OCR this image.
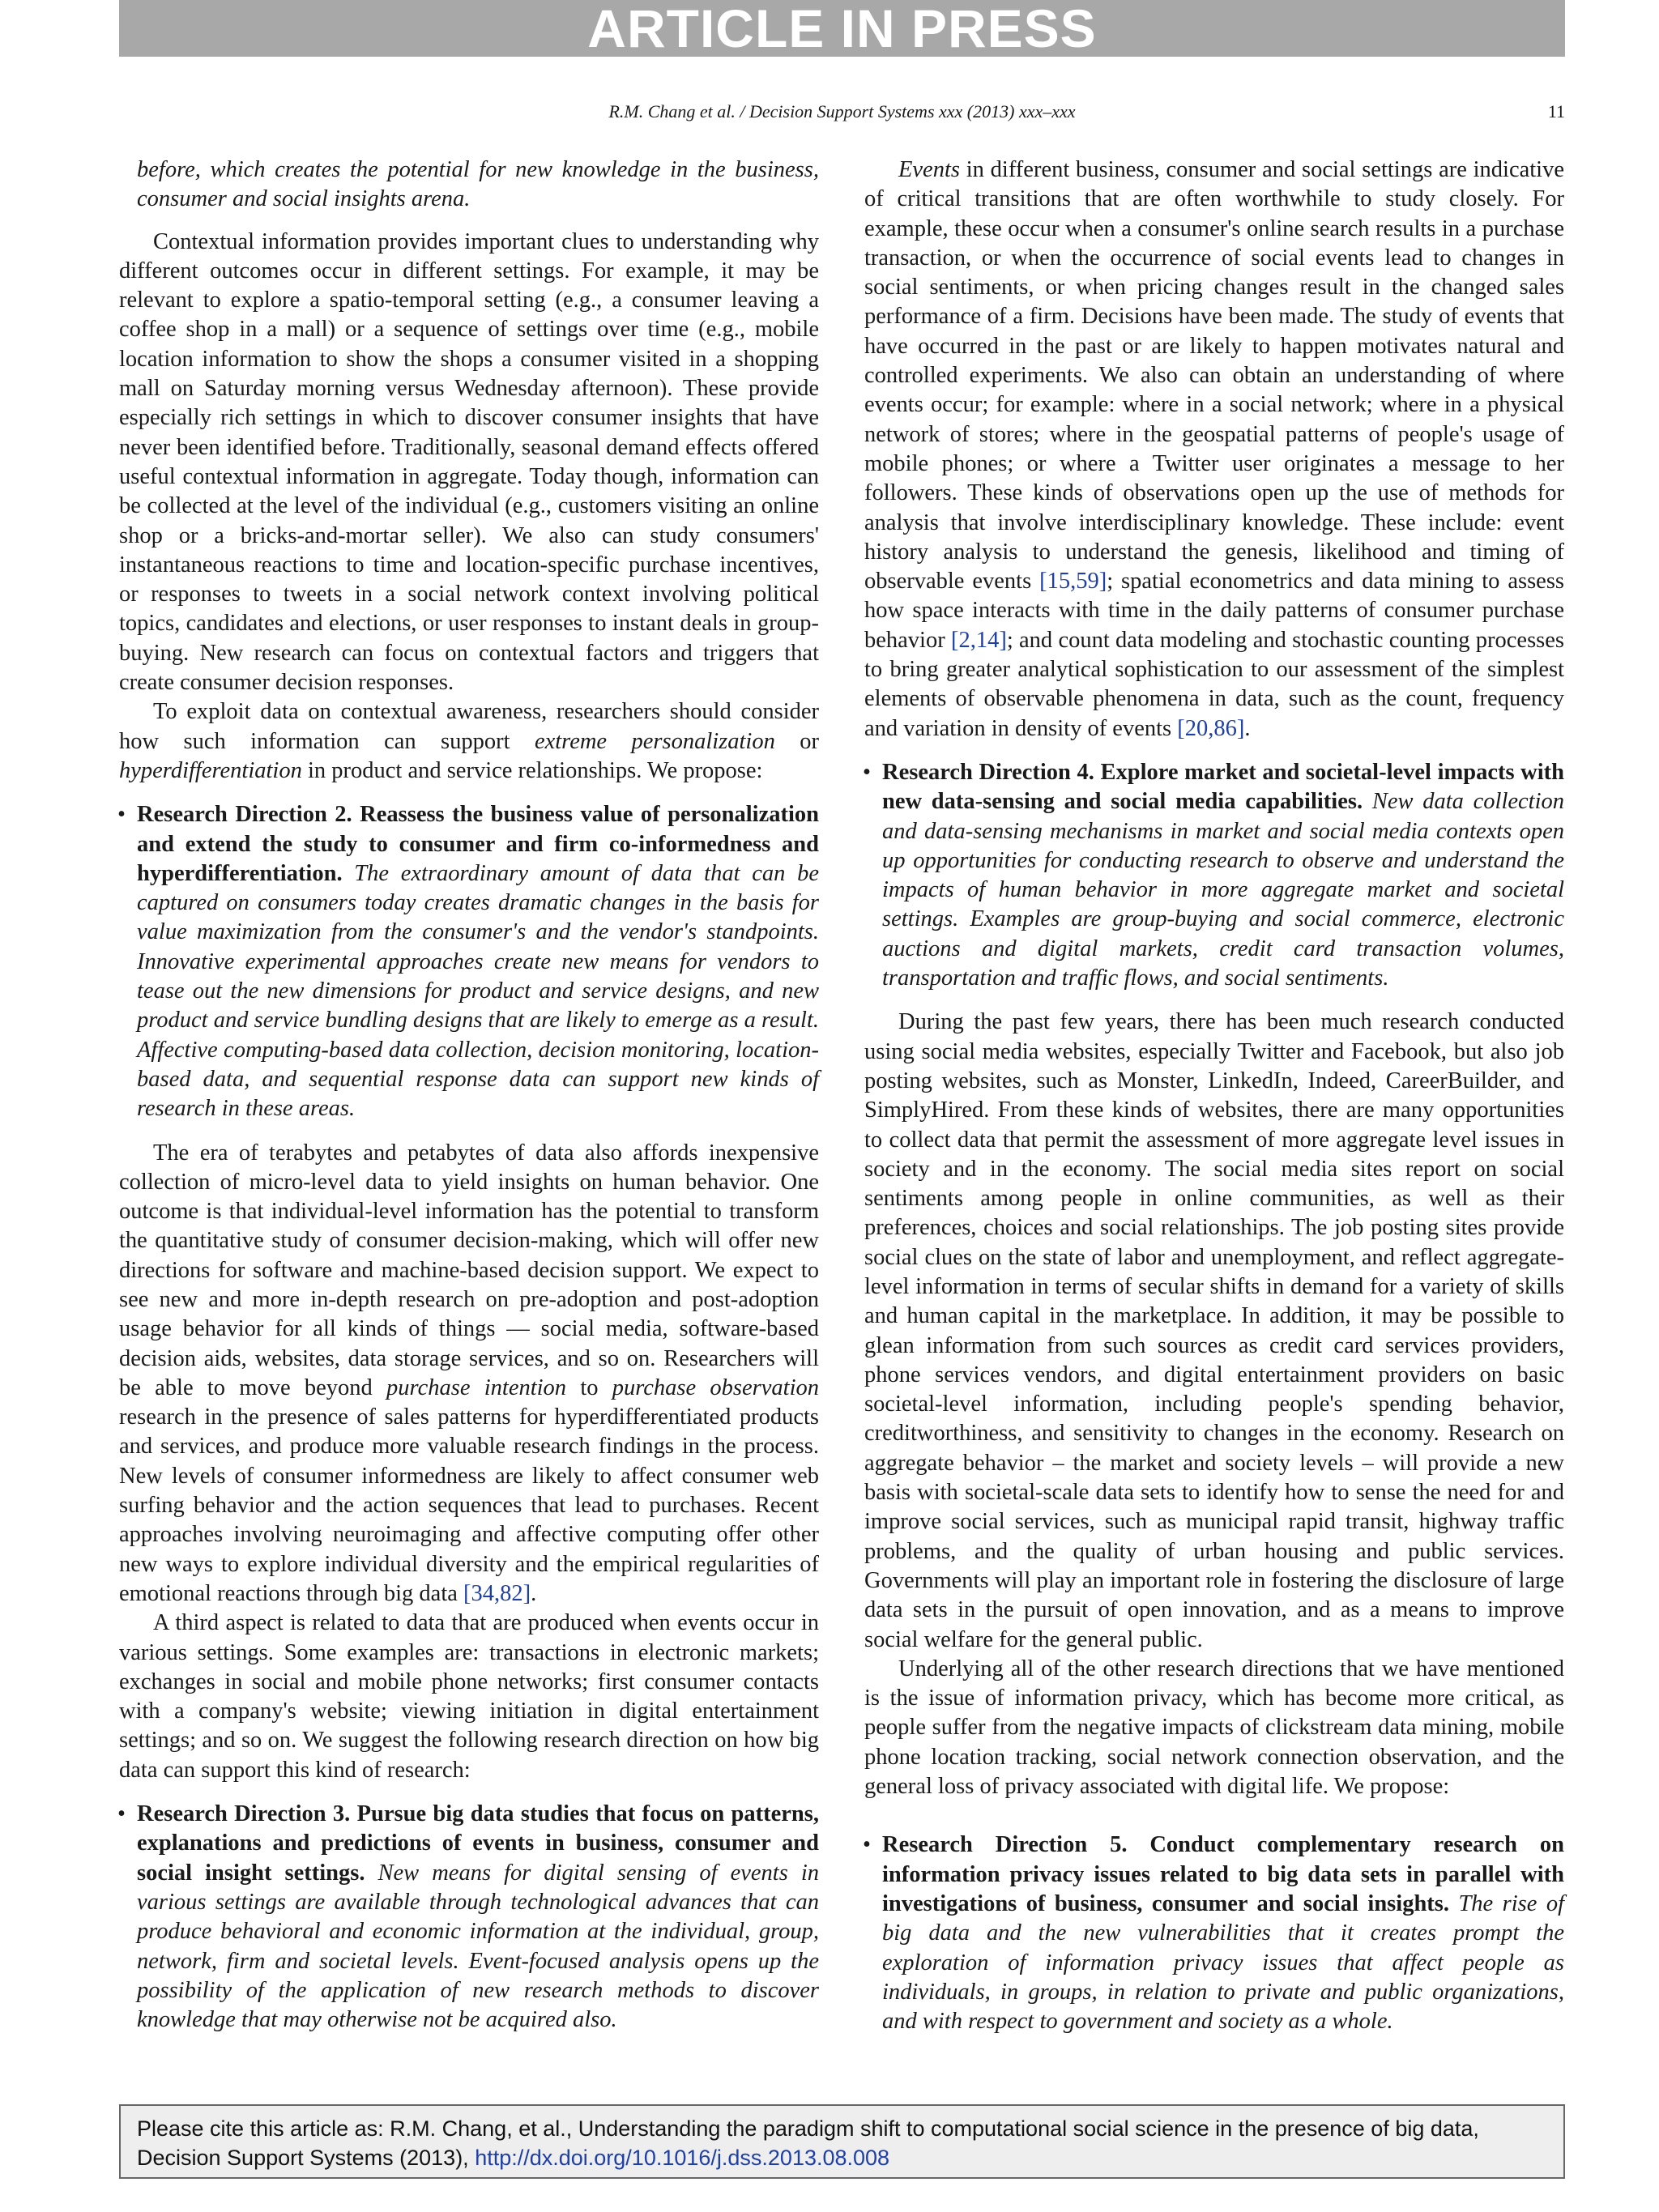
ARTICLE IN PRESS
R.M. Chang et al. / Decision Support Systems xxx (2013) xxx–xxx	11

before, which creates the potential for new knowledge in the business, consumer and social insights arena.

Contextual information provides important clues to understanding why different outcomes occur in different settings. For example, it may be relevant to explore a spatio-temporal setting (e.g., a consumer leaving a coffee shop in a mall) or a sequence of settings over time (e.g., mobile location information to show the shops a consumer visited in a shopping mall on Saturday morning versus Wednesday afternoon). These provide especially rich settings in which to discover consumer insights that have never been identified before. Traditionally, seasonal demand effects offered useful contextual information in aggregate. Today though, information can be collected at the level of the individual (e.g., customers visiting an online shop or a bricks-and-mortar seller). We also can study consumers' instantaneous reactions to time and location-specific purchase incentives, or responses to tweets in a social network context involving political topics, candidates and elections, or user responses to instant deals in group-buying. New research can focus on contextual factors and triggers that create consumer decision responses.

To exploit data on contextual awareness, researchers should consider how such information can support extreme personalization or hyperdifferentiation in product and service relationships. We propose:

• Research Direction 2. Reassess the business value of personalization and extend the study to consumer and firm co-informedness and hyperdifferentiation. The extraordinary amount of data that can be captured on consumers today creates dramatic changes in the basis for value maximization from the consumer's and the vendor's standpoints. Innovative experimental approaches create new means for vendors to tease out the new dimensions for product and service designs, and new product and service bundling designs that are likely to emerge as a result. Affective computing-based data collection, decision monitoring, location-based data, and sequential response data can support new kinds of research in these areas.

The era of terabytes and petabytes of data also affords inexpensive collection of micro-level data to yield insights on human behavior. One outcome is that individual-level information has the potential to transform the quantitative study of consumer decision-making, which will offer new directions for software and machine-based decision support. We expect to see new and more in-depth research on pre-adoption and post-adoption usage behavior for all kinds of things — social media, software-based decision aids, websites, data storage services, and so on. Researchers will be able to move beyond purchase intention to purchase observation research in the presence of sales patterns for hyperdifferentiated products and services, and produce more valuable research findings in the process. New levels of consumer informedness are likely to affect consumer web surfing behavior and the action sequences that lead to purchases. Recent approaches involving neuroimaging and affective computing offer other new ways to explore individual diversity and the empirical regularities of emotional reactions through big data [34,82].

A third aspect is related to data that are produced when events occur in various settings. Some examples are: transactions in electronic markets; exchanges in social and mobile phone networks; first consumer contacts with a company's website; viewing initiation in digital entertainment settings; and so on. We suggest the following research direction on how big data can support this kind of research:

• Research Direction 3. Pursue big data studies that focus on patterns, explanations and predictions of events in business, consumer and social insight settings. New means for digital sensing of events in various settings are available through technological advances that can produce behavioral and economic information at the individual, group, network, firm and societal levels. Event-focused analysis opens up the possibility of the application of new research methods to discover knowledge that may otherwise not be acquired also.

Events in different business, consumer and social settings are indicative of critical transitions that are often worthwhile to study closely. For example, these occur when a consumer's online search results in a purchase transaction, or when the occurrence of social events lead to changes in social sentiments, or when pricing changes result in the changed sales performance of a firm. Decisions have been made. The study of events that have occurred in the past or are likely to happen motivates natural and controlled experiments. We also can obtain an understanding of where events occur; for example: where in a social network; where in a physical network of stores; where in the geospatial patterns of people's usage of mobile phones; or where a Twitter user originates a message to her followers. These kinds of observations open up the use of methods for analysis that involve interdisciplinary knowledge. These include: event history analysis to understand the genesis, likelihood and timing of observable events [15,59]; spatial econometrics and data mining to assess how space interacts with time in the daily patterns of consumer purchase behavior [2,14]; and count data modeling and stochastic counting processes to bring greater analytical sophistication to our assessment of the simplest elements of observable phenomena in data, such as the count, frequency and variation in density of events [20,86].

• Research Direction 4. Explore market and societal-level impacts with new data-sensing and social media capabilities. New data collection and data-sensing mechanisms in market and social media contexts open up opportunities for conducting research to observe and understand the impacts of human behavior in more aggregate market and societal settings. Examples are group-buying and social commerce, electronic auctions and digital markets, credit card transaction volumes, transportation and traffic flows, and social sentiments.

During the past few years, there has been much research conducted using social media websites, especially Twitter and Facebook, but also job posting websites, such as Monster, LinkedIn, Indeed, CareerBuilder, and SimplyHired. From these kinds of websites, there are many opportunities to collect data that permit the assessment of more aggregate level issues in society and in the economy. The social media sites report on social sentiments among people in online communities, as well as their preferences, choices and social relationships. The job posting sites provide social clues on the state of labor and unemployment, and reflect aggregate-level information in terms of secular shifts in demand for a variety of skills and human capital in the marketplace. In addition, it may be possible to glean information from such sources as credit card services providers, phone services vendors, and digital entertainment providers on basic societal-level information, including people's spending behavior, creditworthiness, and sensitivity to changes in the economy. Research on aggregate behavior – the market and society levels – will provide a new basis with societal-scale data sets to identify how to sense the need for and improve social services, such as municipal rapid transit, highway traffic problems, and the quality of urban housing and public services. Governments will play an important role in fostering the disclosure of large data sets in the pursuit of open innovation, and as a means to improve social welfare for the general public.

Underlying all of the other research directions that we have mentioned is the issue of information privacy, which has become more critical, as people suffer from the negative impacts of clickstream data mining, mobile phone location tracking, social network connection observation, and the general loss of privacy associated with digital life. We propose:

• Research Direction 5. Conduct complementary research on information privacy issues related to big data sets in parallel with investigations of business, consumer and social insights. The rise of big data and the new vulnerabilities that it creates prompt the exploration of information privacy issues that affect people as individuals, in groups, in relation to private and public organizations, and with respect to government and society as a whole.
Please cite this article as: R.M. Chang, et al., Understanding the paradigm shift to computational social science in the presence of big data, Decision Support Systems (2013), http://dx.doi.org/10.1016/j.dss.2013.08.008
